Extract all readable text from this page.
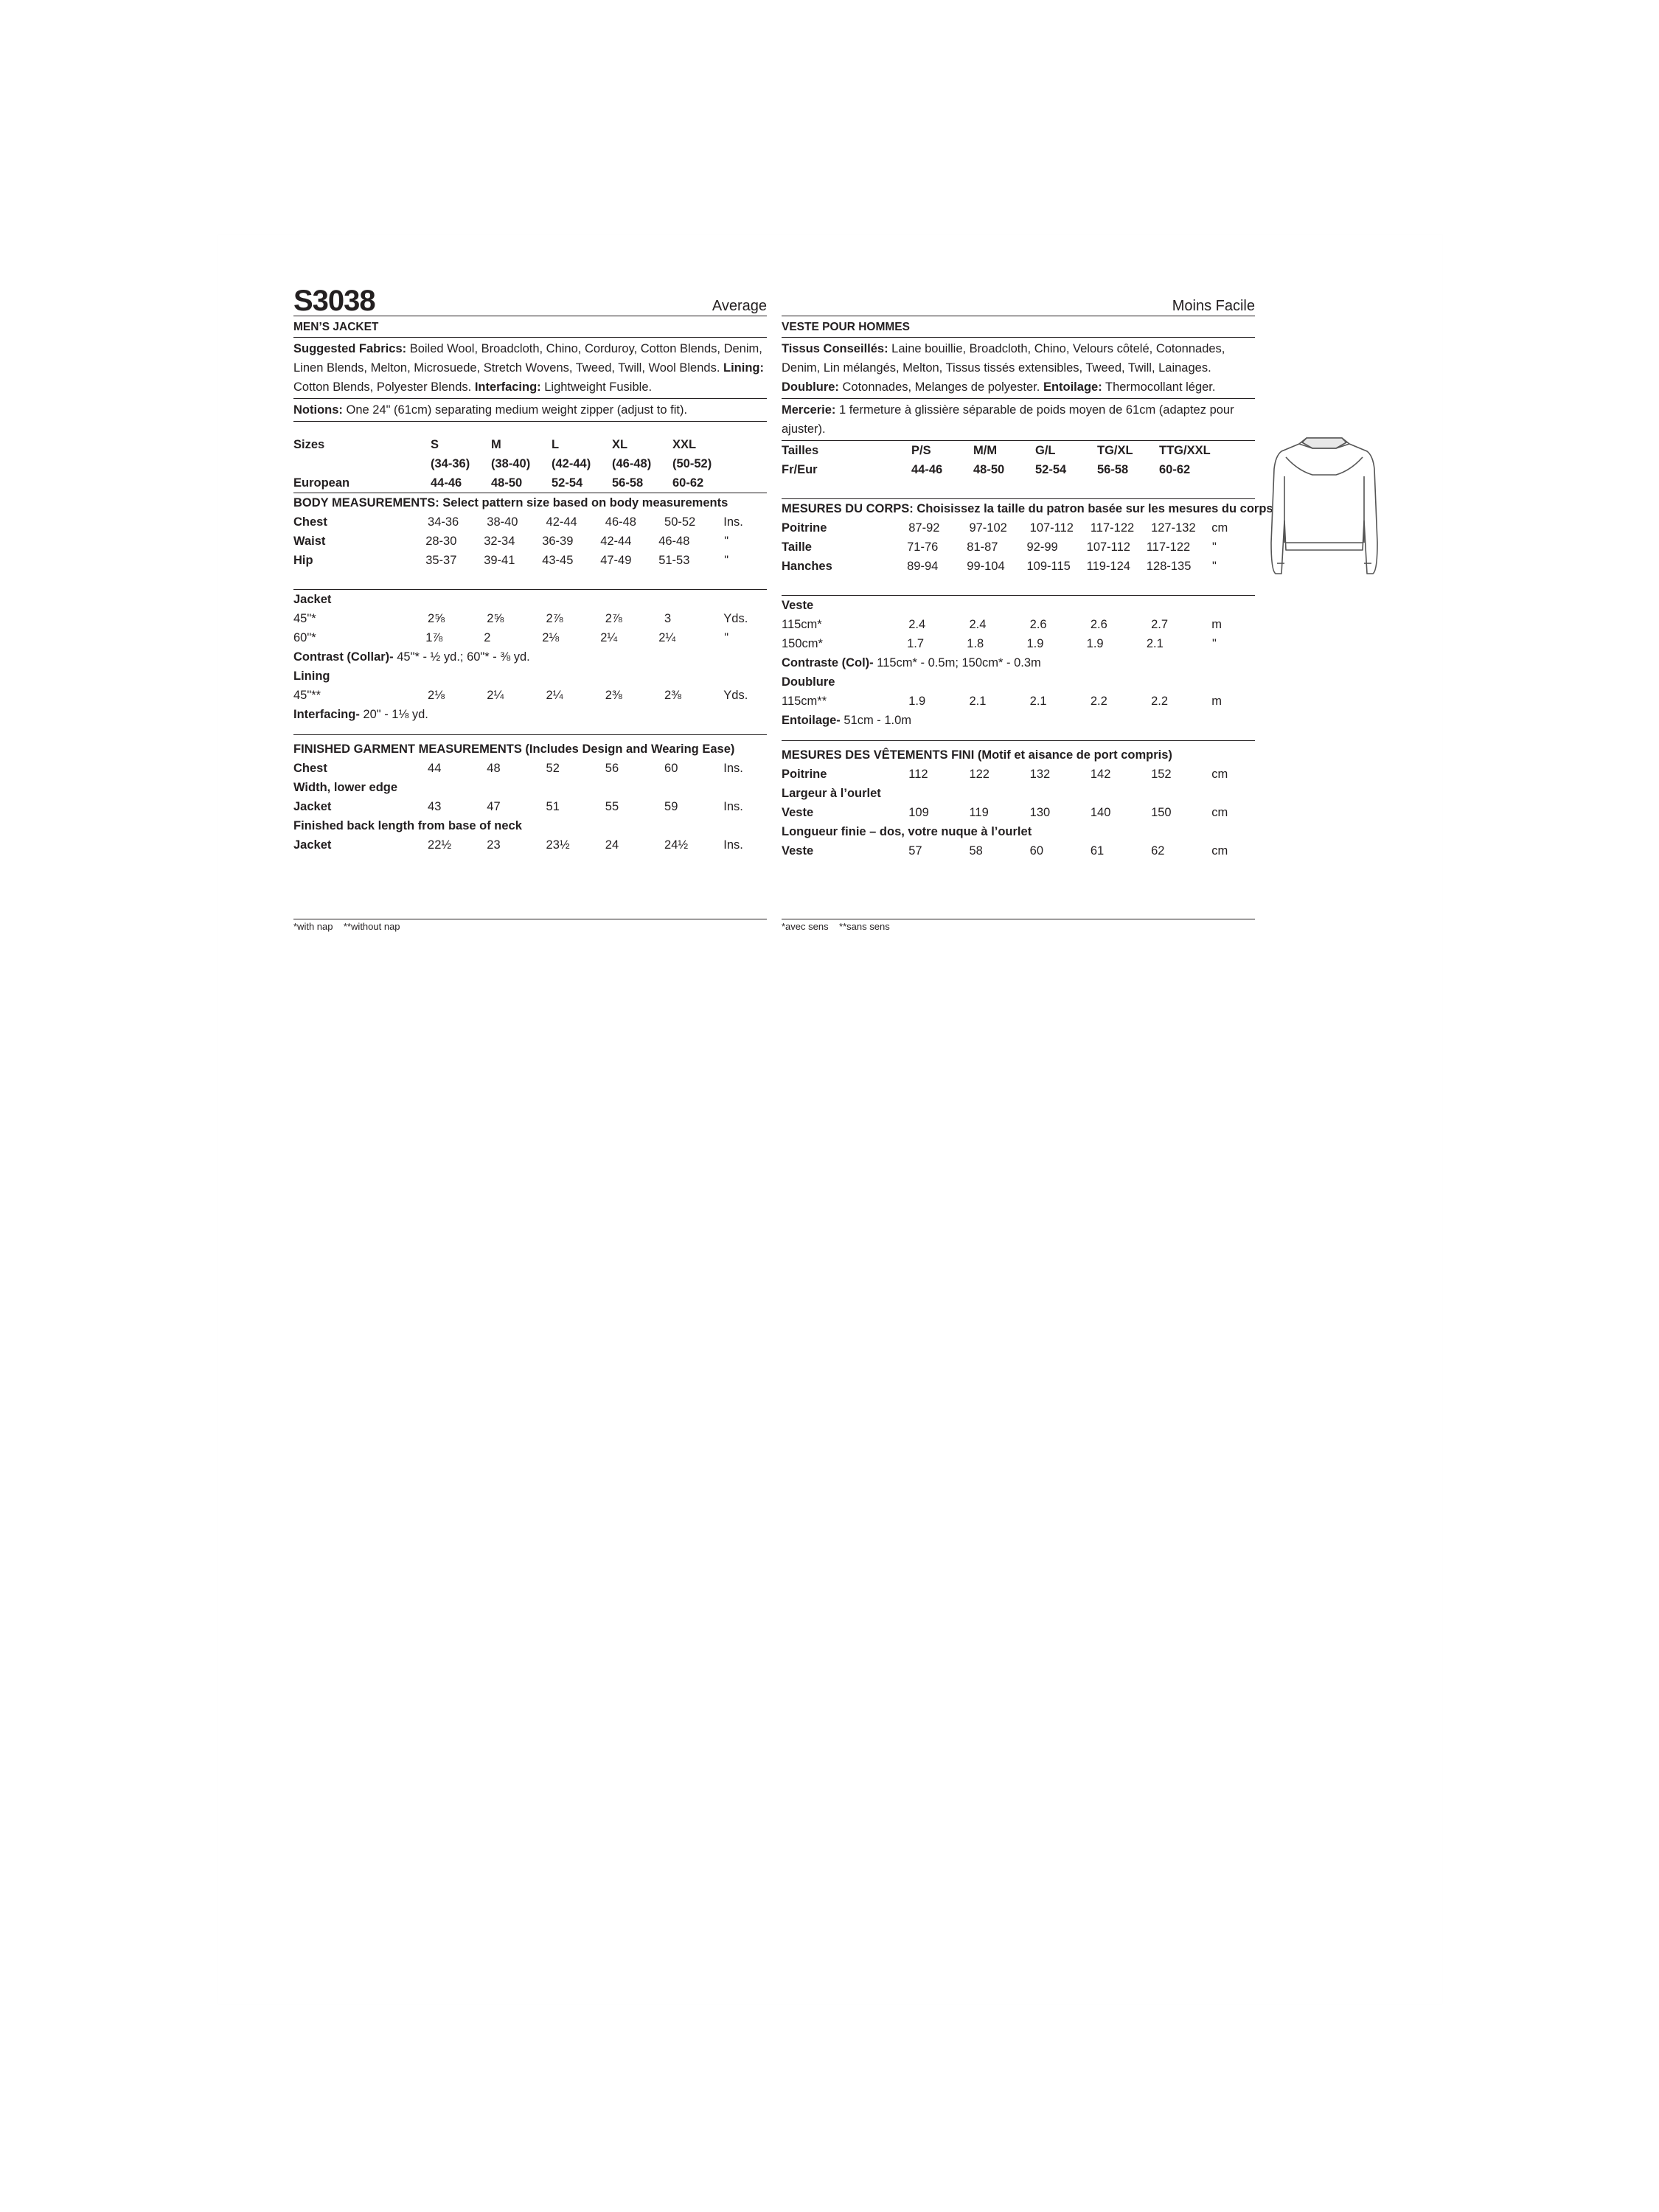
S3038	Average
MEN’S JACKET
Suggested Fabrics: Boiled Wool, Broadcloth, Chino, Corduroy, Cotton Blends, Denim, Linen Blends, Melton, Microsuede, Stretch Wovens, Tweed, Twill, Wool Blends. Lining: Cotton Blends, Polyester Blends. Interfacing: Lightweight Fusible.
Notions: One 24" (61cm) separating medium weight zipper (adjust to fit).
Sizes	S	M	L	XL	XXL
(34-36)	(38-40)	(42-44)	(46-48)	(50-52)
European	44-46	48-50	52-54	56-58	60-62
BODY MEASUREMENTS: Select pattern size based on body measurements
Chest	34-36	38-40	42-44	46-48	50-52	Ins.
Waist	28-30	32-34	36-39	42-44	46-48	"
Hip	35-37	39-41	43-45	47-49	51-53	"
Jacket
45"*	2⅝	2⅝	2⅞	2⅞	3	Yds.
60"*	1⅞	2	2⅛	2¼	2¼	"
Contrast (Collar)- 45"* - ½ yd.; 60"* - ⅜ yd.
Lining
45"**	2⅛	2¼	2¼	2⅜	2⅜	Yds.
Interfacing- 20" - 1⅛ yd.
FINISHED GARMENT MEASUREMENTS (Includes Design and Wearing Ease)
Chest	44	48	52	56	60	Ins.
Width, lower edge
Jacket	43	47	51	55	59	Ins.
Finished back length from base of neck
Jacket	22½	23	23½	24	24½	Ins.
Moins Facile
VESTE POUR HOMMES
Tissus Conseillés: Laine bouillie, Broadcloth, Chino, Velours côtelé, Cotonnades, Denim, Lin mélangés, Melton, Tissus tissés extensibles, Tweed, Twill, Lainages. Doublure: Cotonnades, Melanges de polyester. Entoilage: Thermocollant léger.
Mercerie: 1 fermeture à glissière séparable de poids moyen de 61cm (adaptez pour ajuster).
Tailles	P/S	M/M	G/L	TG/XL	TTG/XXL
Fr/Eur	44-46	48-50	52-54	56-58	60-62
MESURES DU CORPS: Choisissez la taille du patron basée sur les mesures du corps
Poitrine	87-92	97-102	107-112	117-122	127-132	cm
Taille	71-76	81-87	92-99	107-112	117-122	"
Hanches	89-94	99-104	109-115	119-124	128-135	"
Veste
115cm*	2.4	2.4	2.6	2.6	2.7	m
150cm*	1.7	1.8	1.9	1.9	2.1	"
Contraste (Col)- 115cm* - 0.5m; 150cm* - 0.3m
Doublure
115cm**	1.9	2.1	2.1	2.2	2.2	m
Entoilage- 51cm - 1.0m
MESURES DES VÊTEMENTS FINI (Motif et aisance de port compris)
Poitrine	112	122	132	142	152	cm
Largeur à l’ourlet
Veste	109	119	130	140	150	cm
Longueur finie – dos, votre nuque à l’ourlet
Veste	57	58	60	61	62	cm
*with nap    **without nap	*avec sens    **sans sens
